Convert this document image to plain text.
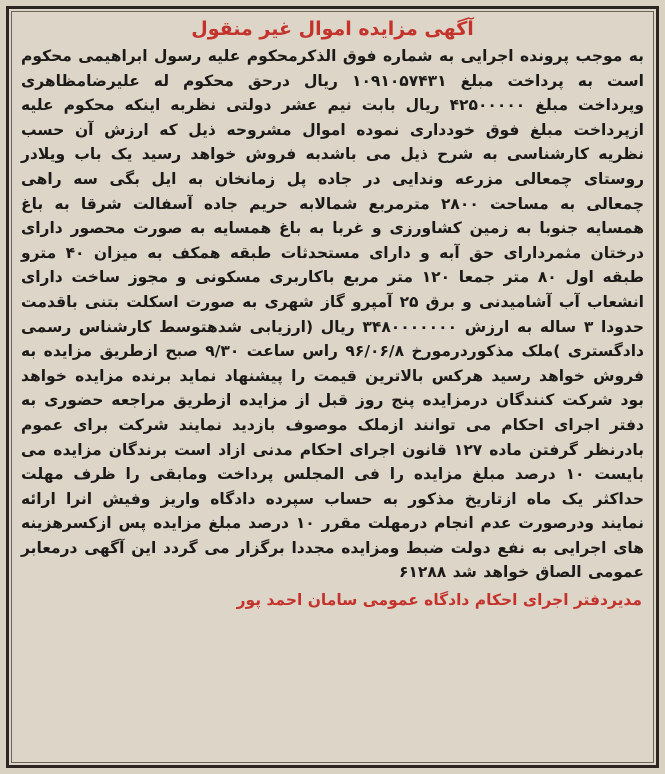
آگهی مزایده اموال غیر منقول

به موجب پرونده اجرایی به شماره فوق الذکرمحکوم علیه رسول ابراهیمی محکوم است به پرداخت مبلغ ۱۰۹۱۰۵۷۴۳۱ ریال درحق محکوم له علیرضامظاهری وپرداخت مبلغ ۴۲۵۰۰۰۰۰ ریال بابت نیم عشر دولتی نظربه اینکه محکوم علیه ازپرداخت مبلغ فوق خودداری نموده اموال مشروحه ذیل که ارزش آن حسب نظریه کارشناسی به شرح ذیل می باشدبه فروش خواهد رسید یک باب ویلادر روستای چمعالی مزرعه وندایی در جاده پل زمانخان به ایل بگی سه راهی چمعالی به مساحت ۲۸۰۰ مترمربع شمالابه حریم جاده آسفالت شرقا به باغ همسایه جنوبا به زمین کشاورزی و غربا به باغ همسایه به صورت محصور دارای درختان مثمردارای حق آبه و دارای مستحدثات طبقه همکف به میزان ۴۰ مترو طبقه اول ۸۰ متر جمعا ۱۲۰ متر مربع باکاربری مسکونی و مجوز ساخت دارای انشعاب آب آشامیدنی و برق ۲۵ آمپرو گاز شهری به صورت اسکلت بتنی باقدمت حدودا ۳ ساله به ارزش ۳۴۸۰۰۰۰۰۰۰ ریال (ارزیابی شدهتوسط کارشناس رسمی دادگستری )ملک مذکوردرمورخ ۹۶/۰۶/۸ راس ساعت ۹/۳۰ صبح ازطریق مزایده به فروش خواهد رسید هرکس بالاترین قیمت را پیشنهاد نماید برنده مزایده خواهد بود شرکت کنندگان درمزایده پنج روز قبل از مزایده ازطریق مراجعه حضوری به دفتر اجرای احکام می توانند ازملک موصوف بازدید نمایند شرکت برای عموم بادرنظر گرفتن ماده ۱۲۷ قانون اجرای احکام مدنی ازاد است برندگان مزایده می بایست ۱۰ درصد مبلغ مزایده را فی المجلس پرداخت ومابقی را ظرف مهلت حداکثر یک ماه ازتاریخ مذکور به حساب سپرده دادگاه واریز وفیش انرا ارائه نمایند ودرصورت عدم انجام درمهلت مقرر ۱۰ درصد مبلغ مزایده پس ازکسرهزینه های اجرایی به نفع دولت ضبط ومزایده مجددا برگزار می گردد این آگهی درمعابر عمومی الصاق خواهد شد ۶۱۲۸۸

مدیردفتر اجرای احکام دادگاه عمومی سامان احمد پور
